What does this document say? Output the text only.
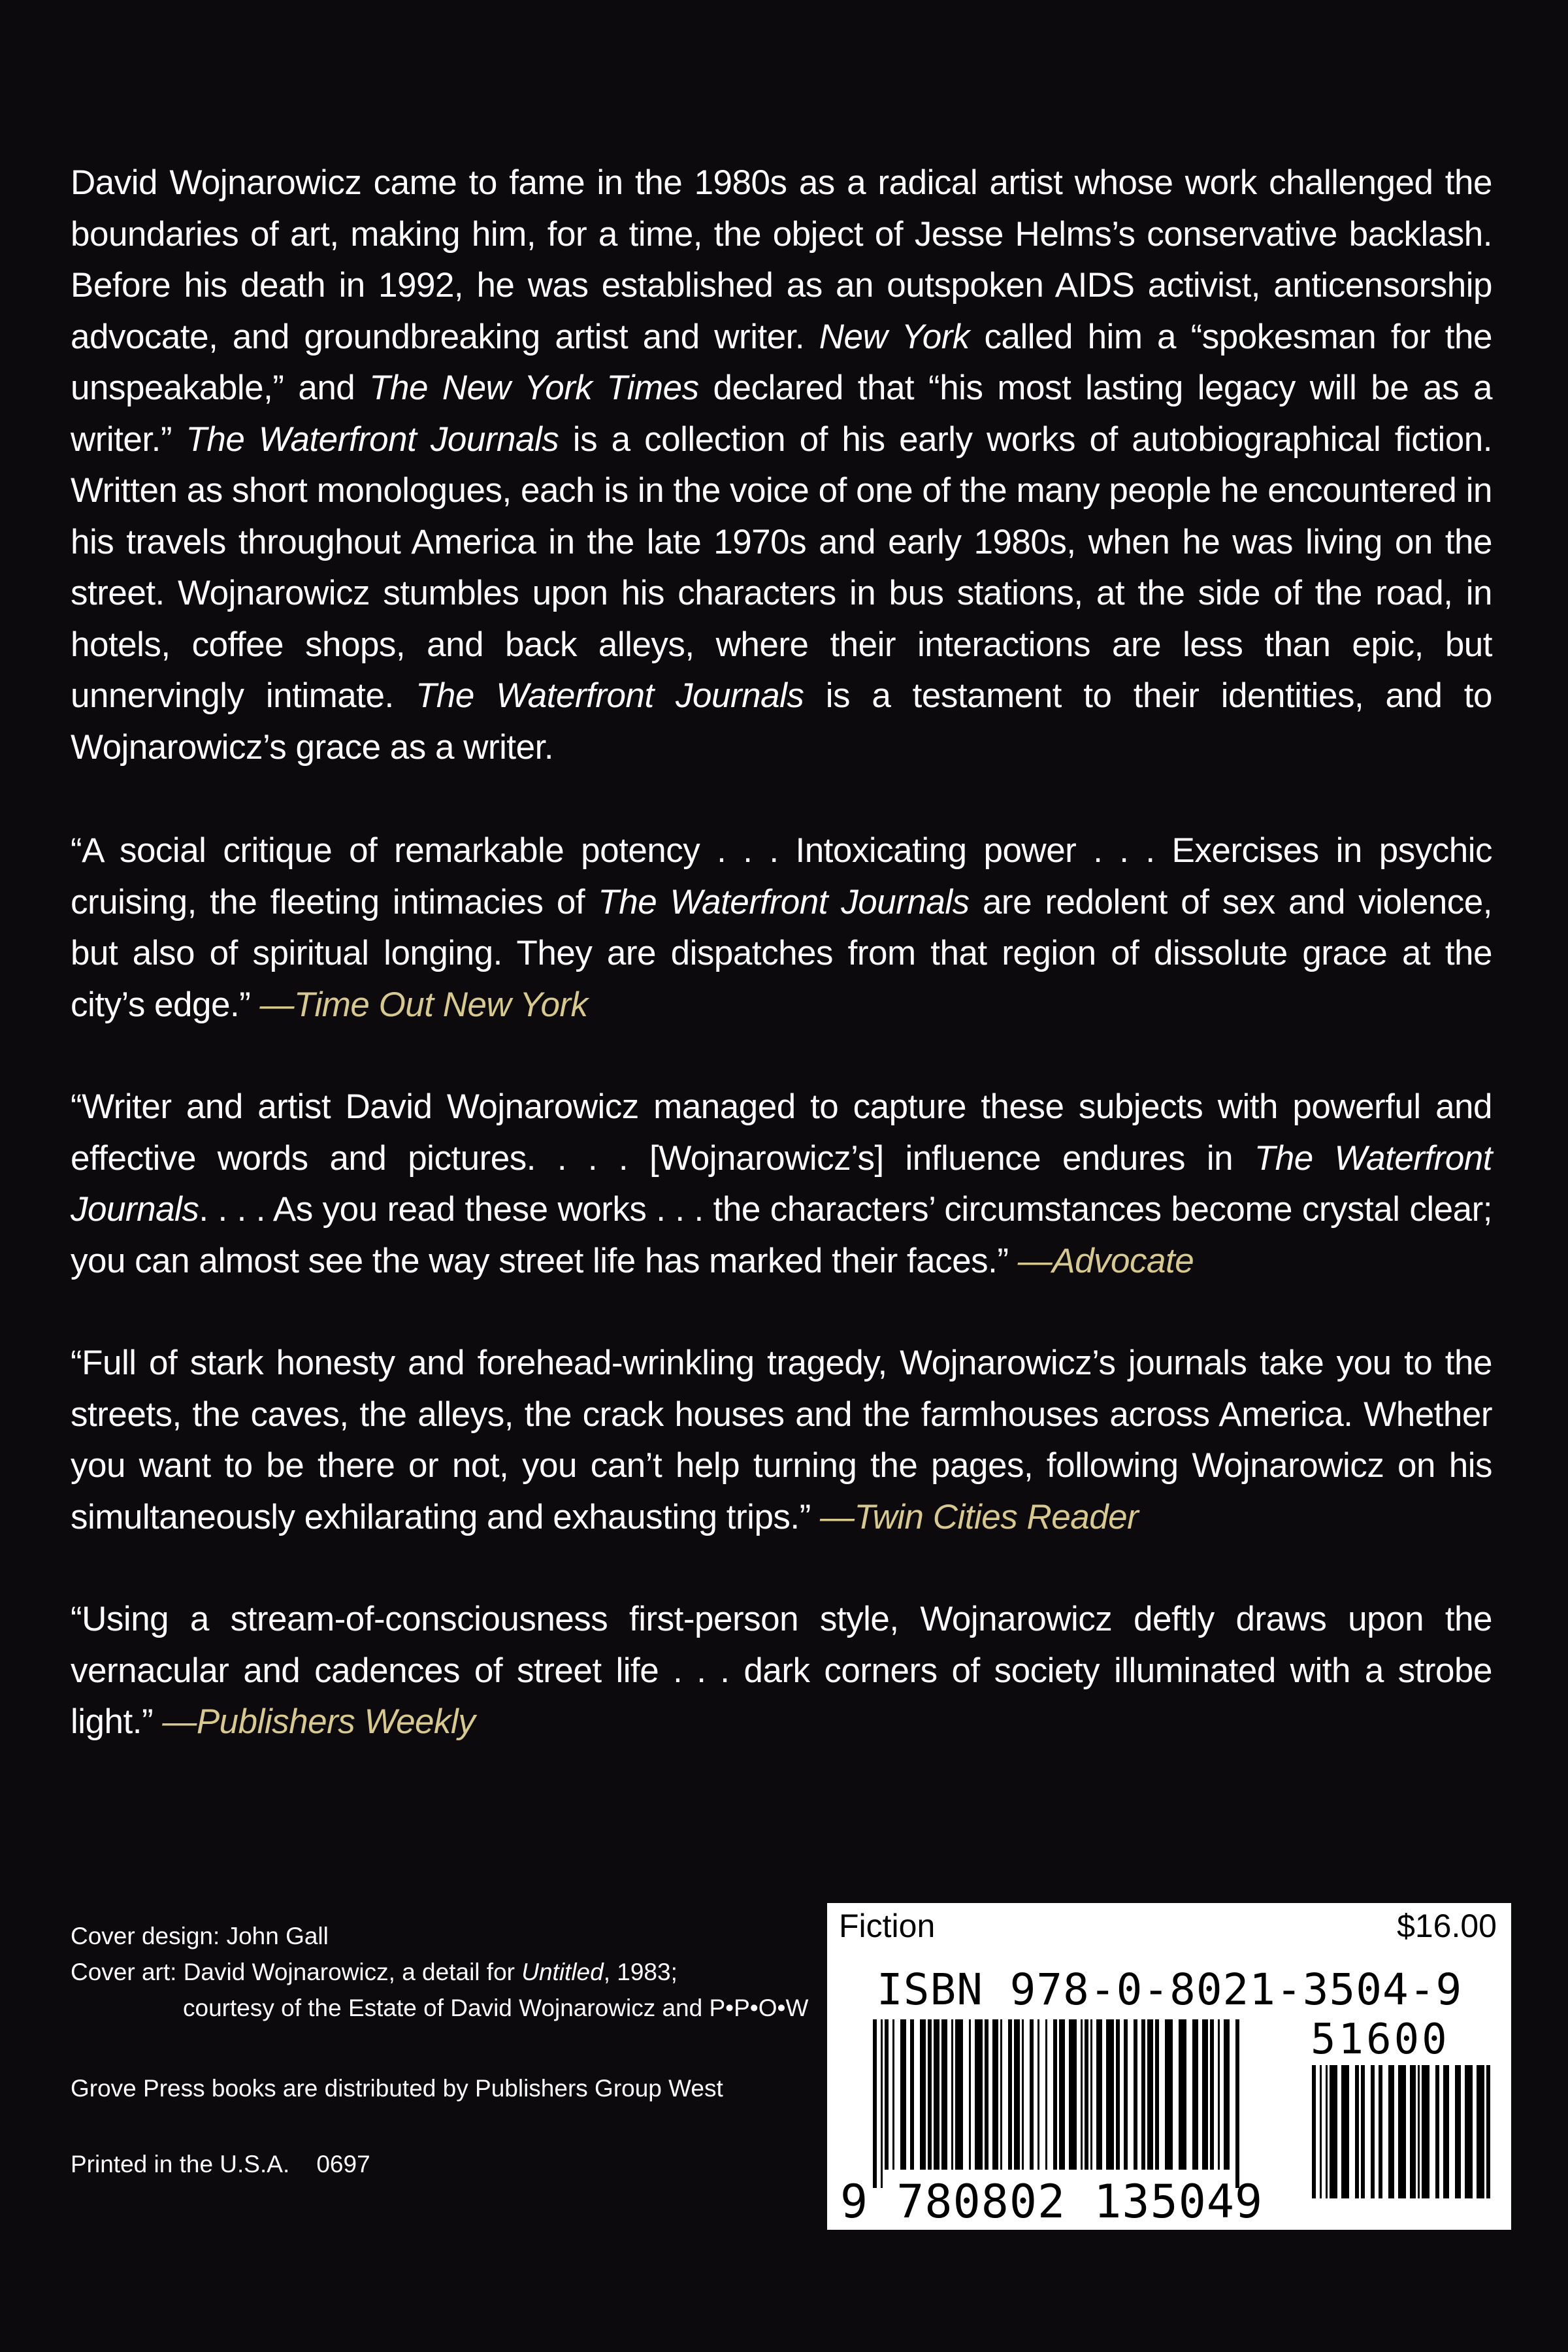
David Wojnarowicz came to fame in the 1980s as a radical artist whose work challenged the boundaries of art, making him, for a time, the object of Jesse Helms’s conservative backlash. Before his death in 1992, he was established as an outspoken AIDS activist, anticensorship advocate, and groundbreaking artist and writer. New York called him a “spokesman for the unspeakable,” and The New York Times declared that “his most lasting legacy will be as a writer.” The Waterfront Journals is a collection of his early works of autobiographical fiction. Written as short monologues, each is in the voice of one of the many people he encountered in his travels throughout America in the late 1970s and early 1980s, when he was living on the street. Wojnarowicz stumbles upon his characters in bus stations, at the side of the road, in hotels, coffee shops, and back alleys, where their interactions are less than epic, but unnervingly intimate. The Waterfront Journals is a testament to their identities, and to Wojnarowicz’s grace as a writer.
“A social critique of remarkable potency . . . Intoxicating power . . . Exercises in psychic cruising, the fleeting intimacies of The Waterfront Journals are redolent of sex and violence, but also of spiritual longing. They are dispatches from that region of dissolute grace at the city’s edge.” —Time Out New York
“Writer and artist David Wojnarowicz managed to capture these subjects with powerful and effective words and pictures. . . . [Wojnarowicz’s] influence endures in The Waterfront Journals. . . . As you read these works . . . the characters’ circumstances become crystal clear; you can almost see the way street life has marked their faces.” —Advocate
“Full of stark honesty and forehead-wrinkling tragedy, Wojnarowicz’s journals take you to the streets, the caves, the alleys, the crack houses and the farmhouses across America. Whether you want to be there or not, you can’t help turning the pages, following Wojnarowicz on his simultaneously exhilarating and exhausting trips.” —Twin Cities Reader
“Using a stream-of-consciousness first-person style, Wojnarowicz deftly draws upon the vernacular and cadences of street life . . . dark corners of society illuminated with a strobe light.” —Publishers Weekly
Cover design: John Gall
Cover art: David Wojnarowicz, a detail for Untitled, 1983;
courtesy of the Estate of David Wojnarowicz and P•P•O•W
Grove Press books are distributed by Publishers Group West
Printed in the U.S.A.    0697
Fiction	$16.00
ISBN 978-0-8021-3504-9
51600
9 780802 135049
